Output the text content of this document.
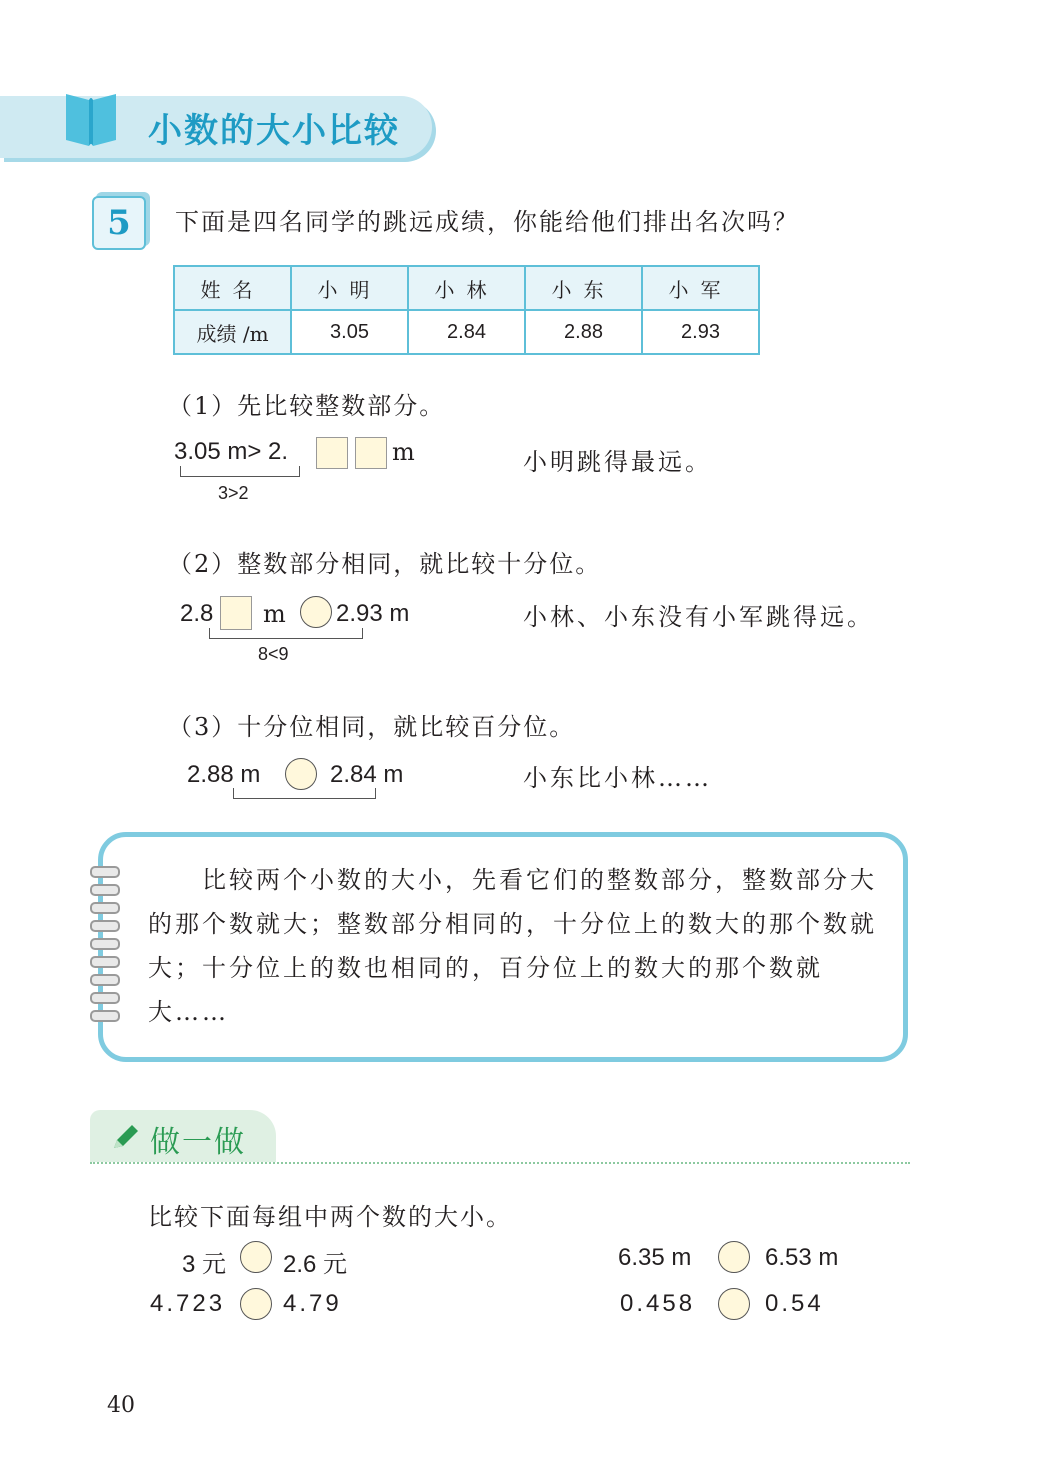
小数的大小比较
5	下面是四名同学的跳远成绩，你能给他们排出名次吗？
姓名	小明	小林	小东	小军
成绩 /m	3.05	2.84	2.88	2.93
（1）先比较整数部分。
3.05 m> 2.	m
3>2
小明跳得最远。
（2）整数部分相同，就比较十分位。
2.8 m 2.93 m
8<9
小林、小东没有小军跳得远。
（3）十分位相同，就比较百分位。
2.88 m	2.84 m	小东比小林……
　　比较两个小数的大小，先看它们的整数部分，整数部分大的那个数就大；整数部分相同的，十分位上的数大的那个数就大；十分位上的数也相同的，百分位上的数大的那个数就大……
做一做
比较下面每组中两个数的大小。
3 元 2.6 元	6.35 m	6.53 m
4.723 4.79	0.458	0.54
40
